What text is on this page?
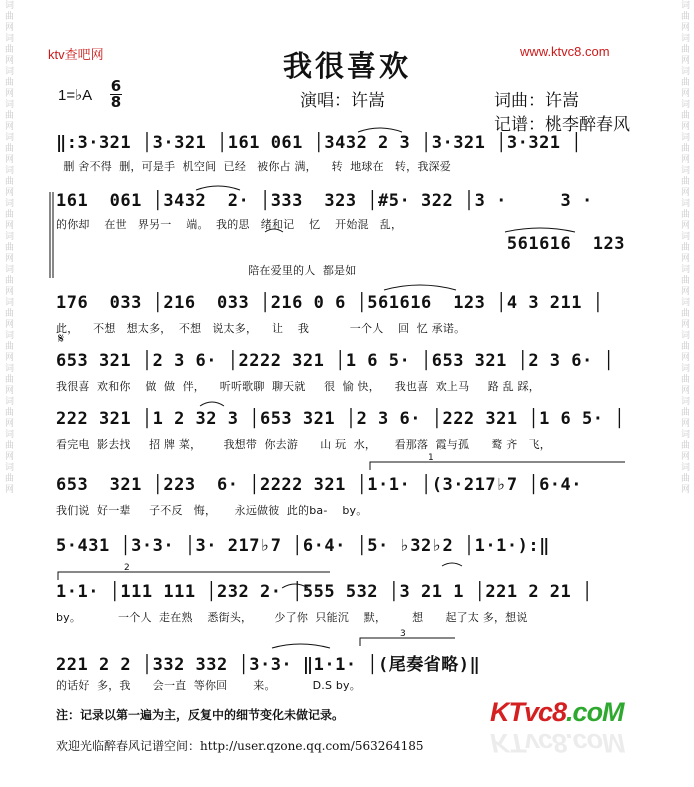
词曲网词曲网词曲网词曲网词曲网词曲网词曲网词曲网词曲网词曲网词曲网词曲网词曲网词曲网词曲网	词曲网词曲网词曲网词曲网词曲网词曲网词曲网词曲网词曲网词曲网词曲网词曲网词曲网词曲网词曲网
ktv查吧网	www.ktvc8.com
我很喜欢
1=♭A
6
8	演唱：许嵩	词曲：许嵩
记谱：桃李醉春风
‖:3·321 │3·321 │161 061 │3432 2 3 │3·321 │3·321 │
删 舍不得  删，可是手  机空间  已经   被你占 满，    转  地球在   转，我深爱
161  061 │3432  2· │333  323 │#5· 322 │3 ·     3 ·
的你却    在世   界另一    端。  我的思   绪和记    忆    开始混   乱，
561616  123
陪在爱里的人  都是如
176  033 │216  033 │216 0 6 │561616  123 │4 3 211 │
此，    不想   想太多，  不想   说太多，    让    我           一个人    回  忆 承诺。
𝄋
653 321 │2 3 6· │2222 321 │1 6 5· │653 321 │2 3 6· │
我很喜  欢和你    做  做  伴，    听听歌聊  聊天就     很  愉 快，    我也喜  欢上马     路 乱 踩，
222 321 │1 2 32 3 │653 321 │2 3 6· │222 321 │1 6 5· │
看完电  影去找     招 牌 菜，      我想带  你去游      山 玩  水，     看那落  霞与孤      鹜 齐   飞，
653  321 │223  6· │2222 321 │1·1· │(3·217♭7 │6·4·
我们说  好一辈     子不反   悔，     永远做彼  此的ba-    by。
5·431 │3·3· │3· 217♭7 │6·4· │5· ♭32♭2 │1·1·):‖
1·1· │111 111 │232 2· │555 532 │3 21 1 │221 2 21 │
by。          一个人  走在熟    悉街头，      少了你  只能沉    默，       想      起了太 多，想说
221 2 2 │332 332 │3·3· ‖1·1· │(尾奏省略)‖
的话好  多，我      会一直  等你回       来。          D.S by。
1
2
3
注：记录以第一遍为主，反复中的细节变化未做记录。
欢迎光临醉春风记谱空间：http://user.qzone.qq.com/563264185
KTvc8.coM
KTvc8.coM
